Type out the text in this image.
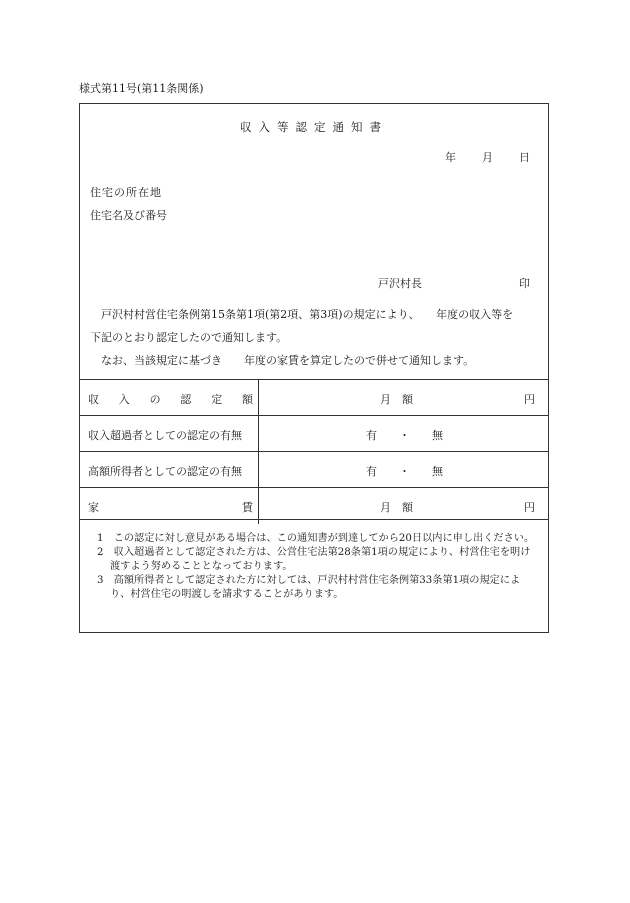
様式第11号(第11条関係)
収入等認定通知書
年 月 日
住宅の所在地
住宅名及び番号
戸沢村長	印
戸沢村村営住宅条例第15条第1項(第2項、第3項)の規定により、　　年度の収入等を
下記のとおり認定したので通知します。
なお、当該規定に基づき　　年度の家賃を算定したので併せて通知します。
収 入 の 認 定 額	月　額	円
収入超過者としての認定の有無	有　　・　　無
高額所得者としての認定の有無	有　　・　　無
家	賃	月　額	円
1　この認定に対し意見がある場合は、この通知書が到達してから20日以内に申し出ください。
2　収入超過者として認定された方は、公営住宅法第28条第1項の規定により、村営住宅を明け渡すよう努めることとなっております。
3　高額所得者として認定された方に対しては、戸沢村村営住宅条例第33条第1項の規定により、村営住宅の明渡しを請求することがあります。
